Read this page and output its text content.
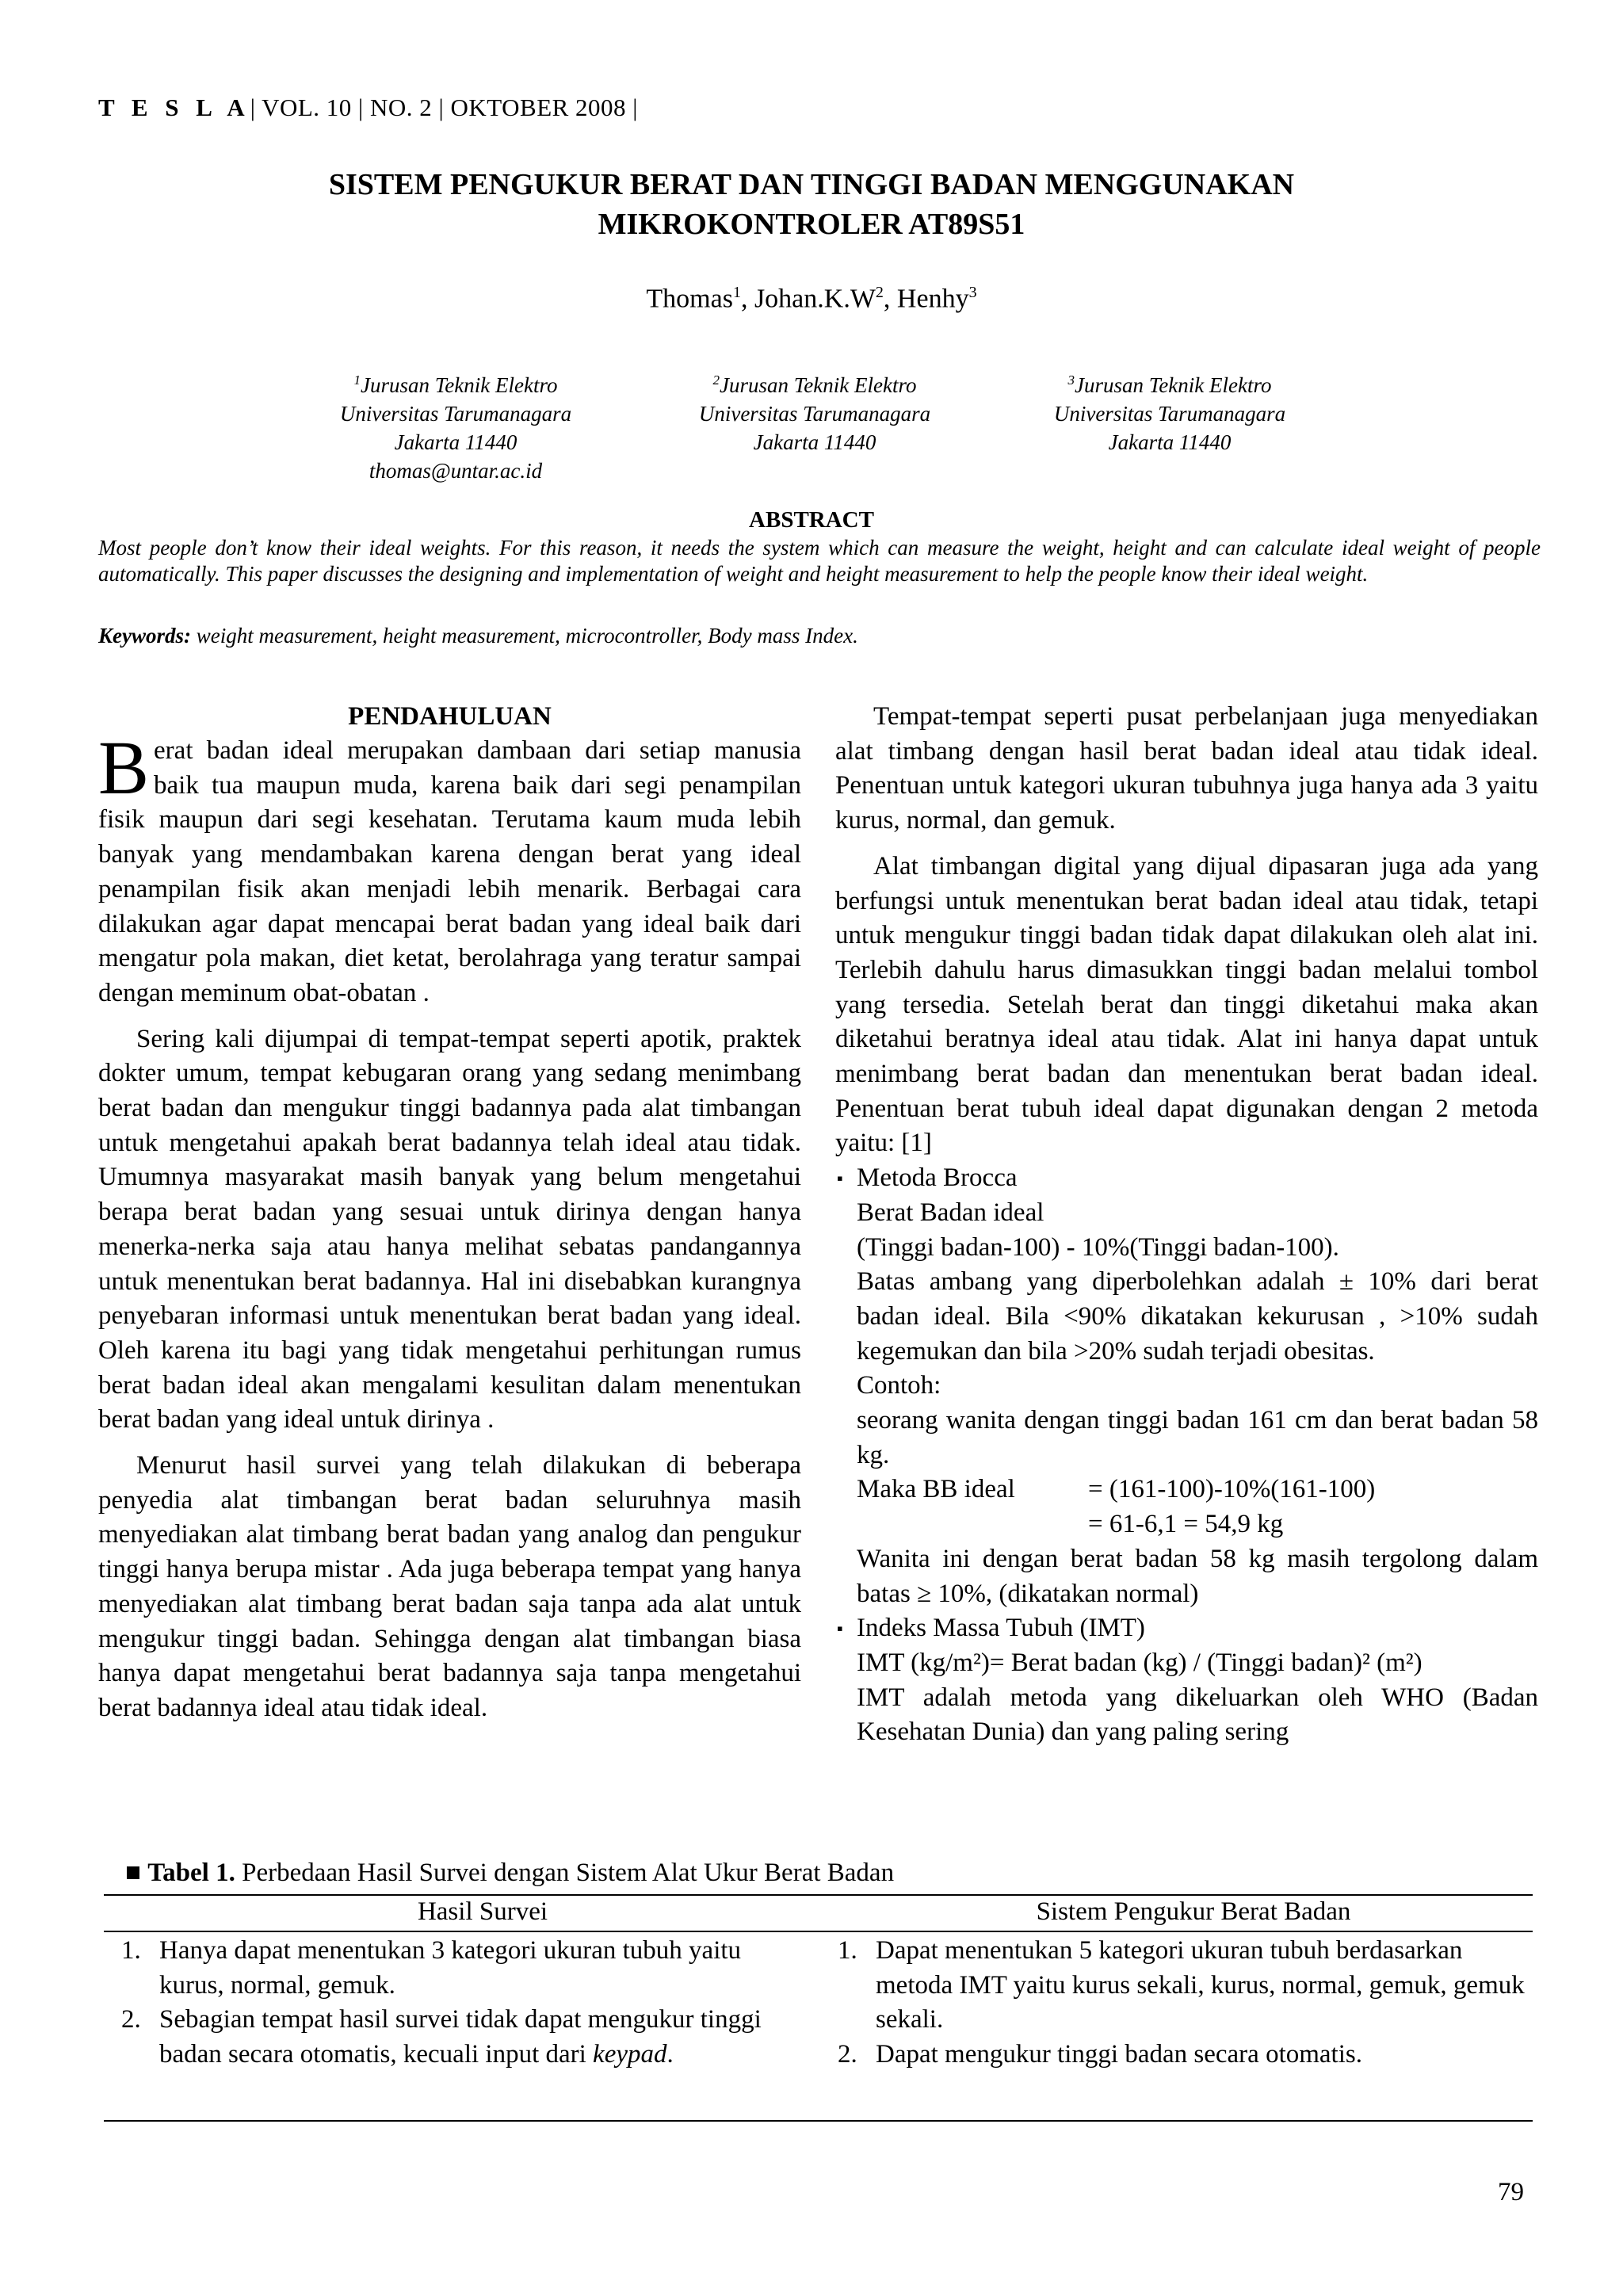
T E S L A| VOL. 10 | NO. 2 | OKTOBER 2008 |
SISTEM PENGUKUR BERAT DAN TINGGI BADAN MENGGUNAKAN
MIKROKONTROLER AT89S51
Thomas$^1$, $Johan.K.W^2$, Henhy$^3$
$^1$Jurusan Teknik Elektro
Universitas Tarumanagara
Jakarta 11440
thomas@untar.ac.id
$^2$Jurusan Teknik Elektro
Universitas Tarumanagara
Jakarta 11440
$^3$Jurusan Teknik Elektro
Universitas Tarumanagara
Jakarta 11440
ABSTRACT
Most people don’t know their ideal weights. For this reason, it needs the system which can measure the weight, height and can calculate ideal weight of people automatically. This paper discusses the designing and implementation of weight and height measurement to help the people know their ideal weight.
Keywords: weight measurement, height measurement, microcontroller, Body mass Index.

PENDAHULUAN

Berat badan ideal merupakan dambaan dari setiap manusia baik tua maupun muda, karena baik dari segi penampilan fisik maupun dari segi kesehatan. Terutama kaum muda lebih banyak yang mendambakan karena dengan berat yang ideal penampilan fisik akan menjadi lebih menarik. Berbagai cara dilakukan agar dapat mencapai berat badan yang ideal baik dari mengatur pola makan, diet ketat, berolahraga yang teratur sampai dengan meminum obat-obatan .

Sering kali dijumpai di tempat-tempat seperti apotik, praktek dokter umum, tempat kebugaran orang yang sedang menimbang berat badan dan mengukur tinggi badannya pada alat timbangan untuk mengetahui apakah berat badannya telah ideal atau tidak. Umumnya masyarakat masih banyak yang belum mengetahui berapa berat badan yang sesuai untuk dirinya dengan hanya menerka-nerka saja atau hanya melihat sebatas pandangannya untuk menentukan berat badannya. Hal ini disebabkan kurangnya penyebaran informasi untuk menentukan berat badan yang ideal. Oleh karena itu bagi yang tidak mengetahui perhitungan rumus berat badan ideal akan mengalami kesulitan dalam menentukan berat badan yang ideal untuk dirinya .

Menurut hasil survei yang telah dilakukan di beberapa penyedia alat timbangan berat badan seluruhnya masih menyediakan alat timbang berat badan yang analog dan pengukur tinggi hanya berupa mistar . Ada juga beberapa tempat yang hanya menyediakan alat timbang berat badan saja tanpa ada alat untuk mengukur tinggi badan. Sehingga dengan alat timbangan biasa hanya dapat mengetahui berat badannya saja tanpa mengetahui berat badannya ideal atau tidak ideal.

Tempat-tempat seperti pusat perbelanjaan juga menyediakan alat timbang dengan hasil berat badan ideal atau tidak ideal. Penentuan untuk kategori ukuran tubuhnya juga hanya ada 3 yaitu kurus, normal, dan gemuk.

Alat timbangan digital yang dijual dipasaran juga ada yang berfungsi untuk menentukan berat badan ideal atau tidak, tetapi untuk mengukur tinggi badan tidak dapat dilakukan oleh alat ini. Terlebih dahulu harus dimasukkan tinggi badan melalui tombol yang tersedia. Setelah berat dan tinggi diketahui maka akan diketahui beratnya ideal atau tidak. Alat ini hanya dapat untuk menimbang berat badan dan menentukan berat badan ideal. Penentuan berat tubuh ideal dapat digunakan dengan 2 metoda yaitu: [1]

▪ Metoda Brocca
Berat Badan ideal
(Tinggi badan-100) - 10%(Tinggi badan-100).
Batas ambang yang diperbolehkan adalah ± 10% dari berat badan ideal. Bila <90% dikatakan kekurusan , >10% sudah kegemukan dan bila >20% sudah terjadi obesitas.
Contoh:
seorang wanita dengan tinggi badan 161 cm dan berat badan 58 kg.
Maka BB ideal	= (161-100)-10%(161-100)
= 61-6,1 = 54,9 kg
Wanita ini dengan berat badan 58 kg masih tergolong dalam batas ≥ 10%, (dikatakan normal)
▪ Indeks Massa Tubuh (IMT)
IMT (kg/m²)= Berat badan (kg) / (Tinggi badan)² (m²)
IMT adalah metoda yang dikeluarkan oleh WHO (Badan Kesehatan Dunia) dan yang paling sering
■ Tabel 1. Perbedaan Hasil Survei dengan Sistem Alat Ukur Berat Badan
Hasil Survei	Sistem Pengukur Berat Badan
1. Hanya dapat menentukan 3 kategori ukuran tubuh yaitu kurus, normal, gemuk.
2. Sebagian tempat hasil survei tidak dapat mengukur tinggi badan secara otomatis, kecuali input dari keypad.
1. Dapat menentukan 5 kategori ukuran tubuh berdasarkan metoda IMT yaitu kurus sekali, kurus, normal, gemuk, gemuk sekali.
2. Dapat mengukur tinggi badan secara otomatis.
79
